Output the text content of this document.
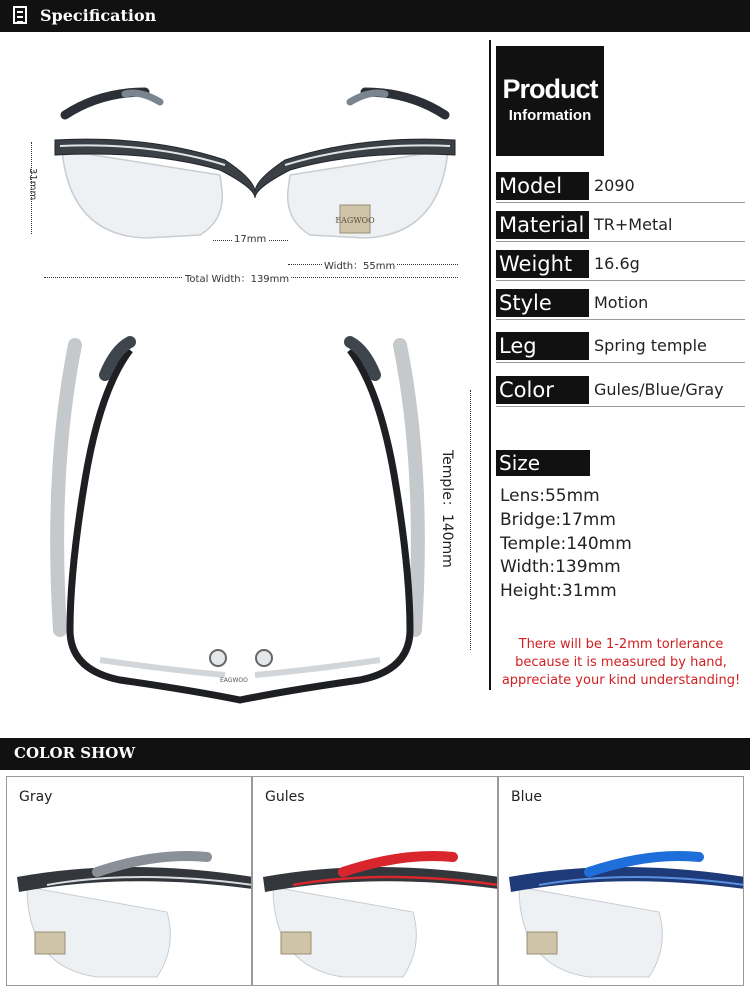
Specification
EAGWOO
31mm
17mm
Width：55mm
Total Width：139mm
EAGWOO
Temple：140mm
Product
Information
Model	2090
Material TR+Metal
Weight	16.6g
Style	Motion
Leg	Spring temple
Color	Gules/Blue/Gray
Size
Lens:55mm
Bridge:17mm
Temple:140mm
Width:139mm
Height:31mm
There will be 1-2mm torlerance
because it is measured by hand,
appreciate your kind understanding!
COLOR SHOW
Gray	Gules	Blue
